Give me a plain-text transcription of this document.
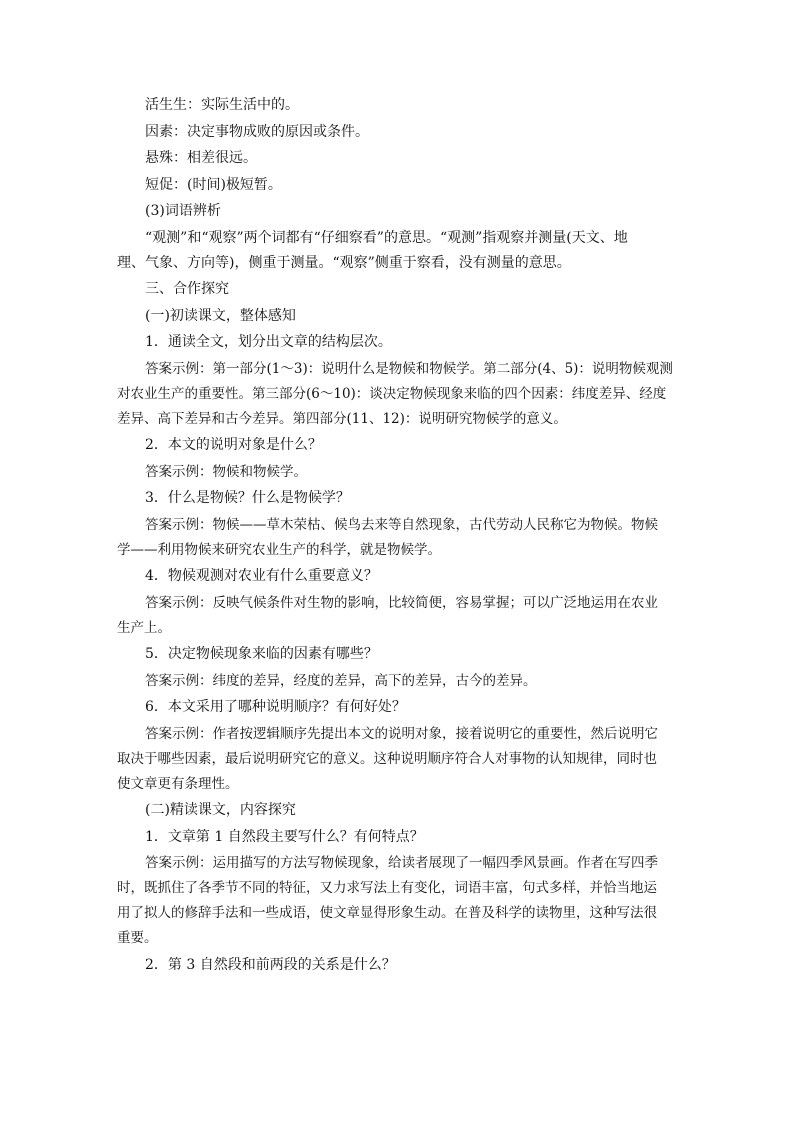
活生生：实际生活中的。

因素：决定事物成败的原因或条件。

悬殊：相差很远。

短促：(时间)极短暂。

(3)词语辨析

“观测”和“观察”两个词都有“仔细察看”的意思。“观测”指观察并测量(天文、地

理、气象、方向等)，侧重于测量。“观察”侧重于察看，没有测量的意思。

三、合作探究

(一)初读课文，整体感知

1．通读全文，划分出文章的结构层次。

答案示例：第一部分(1～3)：说明什么是物候和物候学。第二部分(4、5)：说明物候观测

对农业生产的重要性。第三部分(6～10)：谈决定物候现象来临的四个因素：纬度差异、经度

差异、高下差异和古今差异。第四部分(11、12)：说明研究物候学的意义。

2．本文的说明对象是什么？

答案示例：物候和物候学。

3．什么是物候？什么是物候学？

答案示例：物候——草木荣枯、候鸟去来等自然现象，古代劳动人民称它为物候。物候

学——利用物候来研究农业生产的科学，就是物候学。

4．物候观测对农业有什么重要意义？

答案示例：反映气候条件对生物的影响，比较简便，容易掌握；可以广泛地运用在农业

生产上。

5．决定物候现象来临的因素有哪些？

答案示例：纬度的差异，经度的差异，高下的差异，古今的差异。

6．本文采用了哪种说明顺序？有何好处？

答案示例：作者按逻辑顺序先提出本文的说明对象，接着说明它的重要性，然后说明它

取决于哪些因素，最后说明研究它的意义。这种说明顺序符合人对事物的认知规律，同时也

使文章更有条理性。

(二)精读课文，内容探究

1．文章第 1 自然段主要写什么？有何特点？

答案示例：运用描写的方法写物候现象，给读者展现了一幅四季风景画。作者在写四季

时，既抓住了各季节不同的特征，又力求写法上有变化，词语丰富，句式多样，并恰当地运

用了拟人的修辞手法和一些成语，使文章显得形象生动。在普及科学的读物里，这种写法很

重要。

2．第 3 自然段和前两段的关系是什么？
